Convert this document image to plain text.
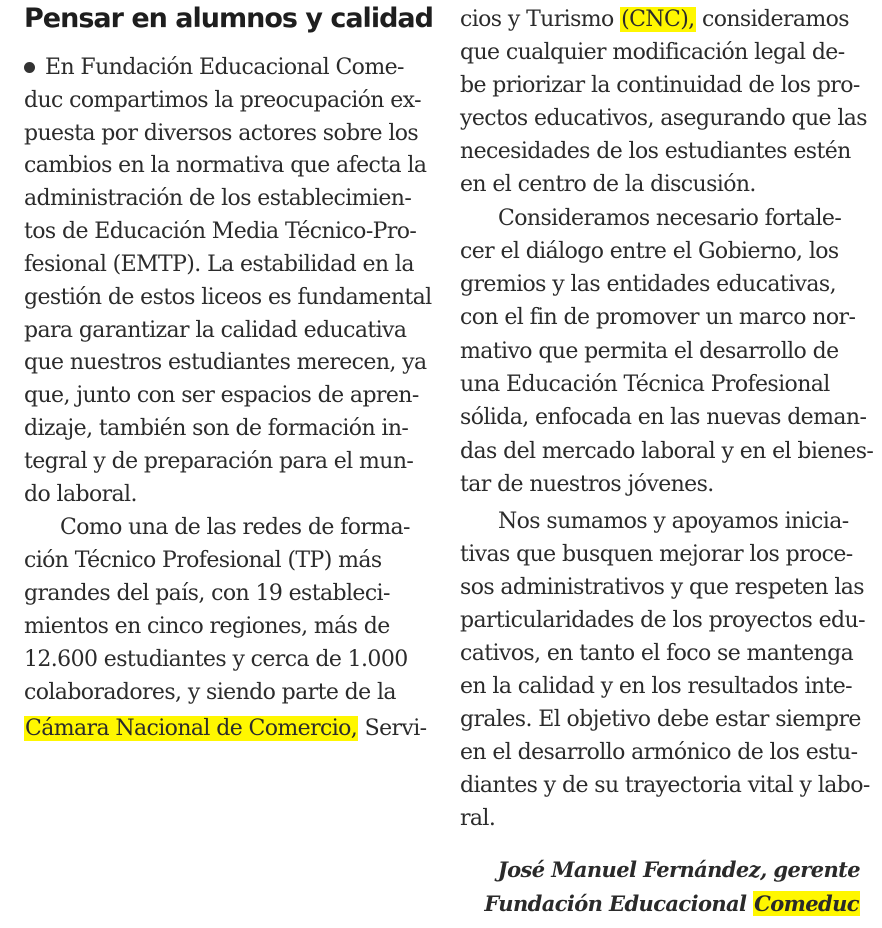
Pensar en alumnos y calidad
En Fundación Educacional Come-
duc compartimos la preocupación ex-
puesta por diversos actores sobre los
cambios en la normativa que afecta la
administración de los establecimien-
tos de Educación Media Técnico-Pro-
fesional (EMTP). La estabilidad en la
gestión de estos liceos es fundamental
para garantizar la calidad educativa
que nuestros estudiantes merecen, ya
que, junto con ser espacios de apren-
dizaje, también son de formación in-
tegral y de preparación para el mun-
do laboral.
Como una de las redes de forma-
ción Técnico Profesional (TP) más
grandes del país, con 19 estableci-
mientos en cinco regiones, más de
12.600 estudiantes y cerca de 1.000
colaboradores, y siendo parte de la
Cámara Nacional de Comercio, Servi-
cios y Turismo (CNC), consideramos
que cualquier modificación legal de-
be priorizar la continuidad de los pro-
yectos educativos, asegurando que las
necesidades de los estudiantes estén
en el centro de la discusión.
Consideramos necesario fortale-
cer el diálogo entre el Gobierno, los
gremios y las entidades educativas,
con el fin de promover un marco nor-
mativo que permita el desarrollo de
una Educación Técnica Profesional
sólida, enfocada en las nuevas deman-
das del mercado laboral y en el bienes-
tar de nuestros jóvenes.
Nos sumamos y apoyamos inicia-
tivas que busquen mejorar los proce-
sos administrativos y que respeten las
particularidades de los proyectos edu-
cativos, en tanto el foco se mantenga
en la calidad y en los resultados inte-
grales. El objetivo debe estar siempre
en el desarrollo armónico de los estu-
diantes y de su trayectoria vital y labo-
ral.
José Manuel Fernández, gerente
Fundación Educacional Comeduc
